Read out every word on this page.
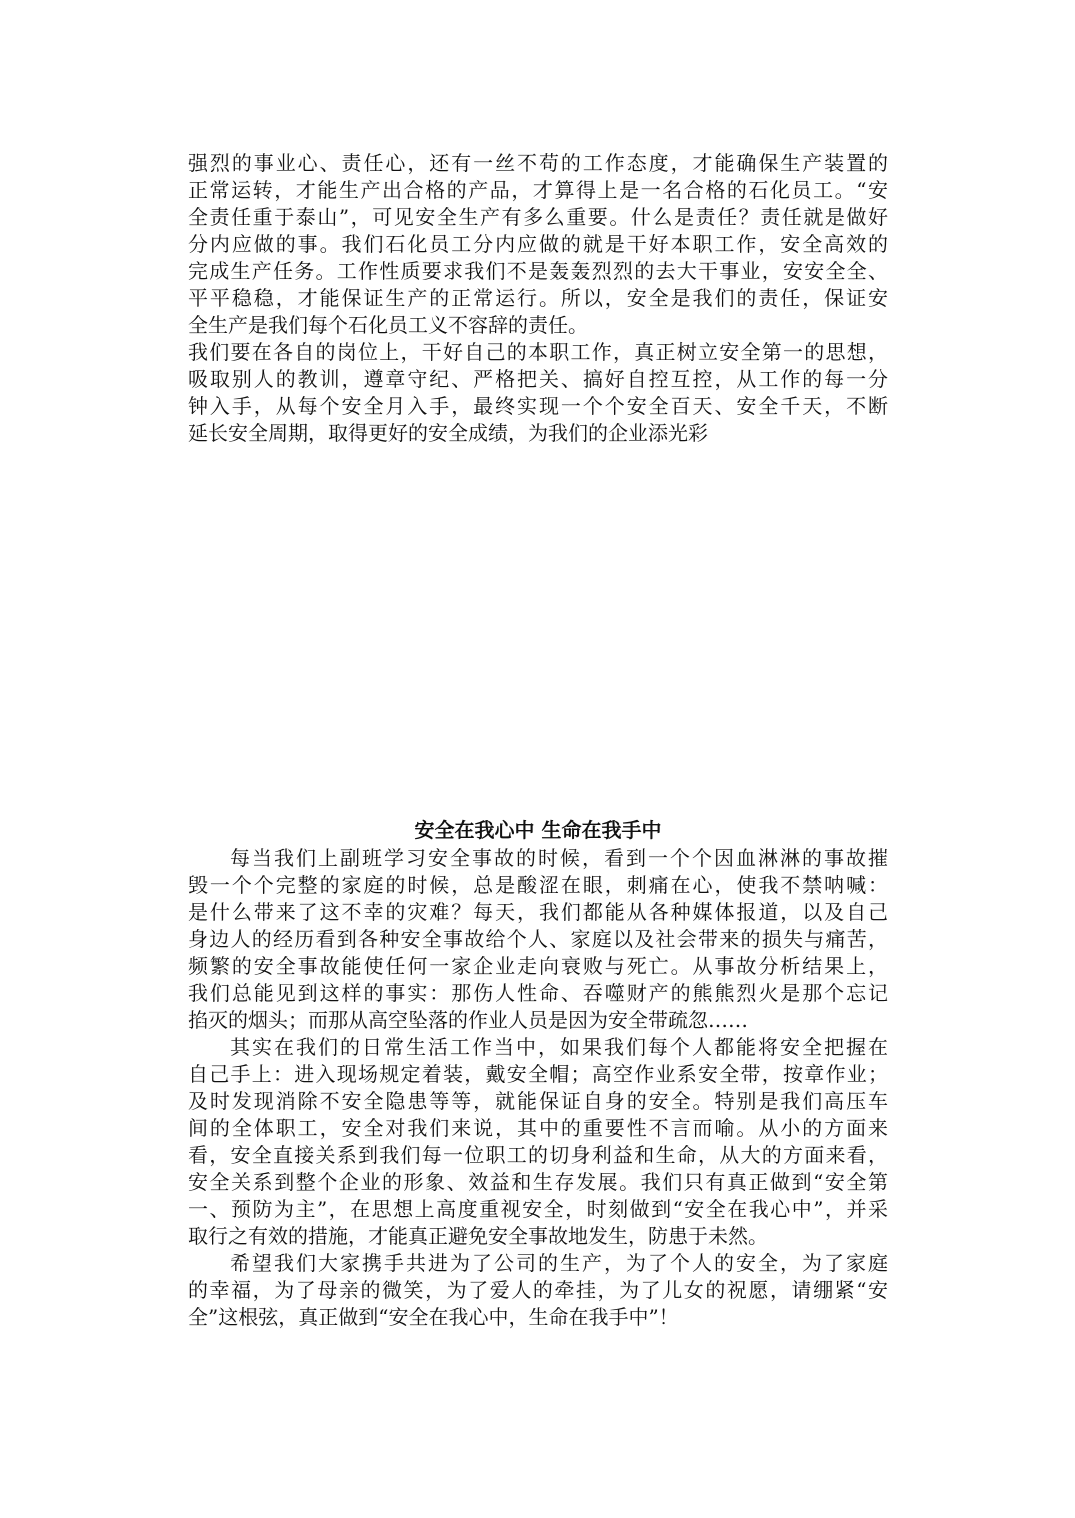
强烈的事业心、责任心，还有一丝不苟的工作态度，才能确保生产装置的
正常运转，才能生产出合格的产品，才算得上是一名合格的石化员工。“安
全责任重于泰山”，可见安全生产有多么重要。什么是责任？责任就是做好
分内应做的事。我们石化员工分内应做的就是干好本职工作，安全高效的
完成生产任务。工作性质要求我们不是轰轰烈烈的去大干事业，安安全全、
平平稳稳，才能保证生产的正常运行。所以，安全是我们的责任，保证安
全生产是我们每个石化员工义不容辞的责任。
我们要在各自的岗位上，干好自己的本职工作，真正树立安全第一的思想，
吸取别人的教训，遵章守纪、严格把关、搞好自控互控，从工作的每一分
钟入手，从每个安全月入手，最终实现一个个安全百天、安全千天，不断
延长安全周期，取得更好的安全成绩，为我们的企业添光彩
安全在我心中 生命在我手中
每当我们上副班学习安全事故的时候，看到一个个因血淋淋的事故摧
毁一个个完整的家庭的时候，总是酸涩在眼，刺痛在心，使我不禁呐喊：
是什么带来了这不幸的灾难？每天，我们都能从各种媒体报道，以及自己
身边人的经历看到各种安全事故给个人、家庭以及社会带来的损失与痛苦，
频繁的安全事故能使任何一家企业走向衰败与死亡。从事故分析结果上，
我们总能见到这样的事实：那伤人性命、吞噬财产的熊熊烈火是那个忘记
掐灭的烟头；而那从高空坠落的作业人员是因为安全带疏忽……
其实在我们的日常生活工作当中，如果我们每个人都能将安全把握在
自己手上：进入现场规定着装，戴安全帽；高空作业系安全带，按章作业；
及时发现消除不安全隐患等等，就能保证自身的安全。特别是我们高压车
间的全体职工，安全对我们来说，其中的重要性不言而喻。从小的方面来
看，安全直接关系到我们每一位职工的切身利益和生命，从大的方面来看，
安全关系到整个企业的形象、效益和生存发展。我们只有真正做到“安全第
一、预防为主”，在思想上高度重视安全，时刻做到“安全在我心中”，并采
取行之有效的措施，才能真正避免安全事故地发生，防患于未然。
希望我们大家携手共进为了公司的生产，为了个人的安全，为了家庭
的幸福，为了母亲的微笑，为了爱人的牵挂，为了儿女的祝愿，请绷紧“安
全”这根弦，真正做到“安全在我心中，生命在我手中”！
